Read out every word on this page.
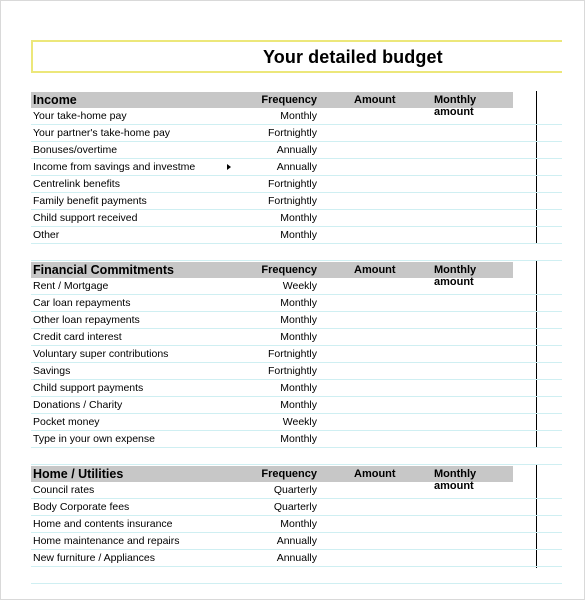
Your detailed budget
Income	Frequency	Amount	Monthly amount
Your take-home pay	Monthly
Your partner's take-home pay	Fortnightly
Bonuses/overtime	Annually
Income from savings and investme	Annually
Centrelink benefits	Fortnightly
Family benefit payments	Fortnightly
Child support received	Monthly
Other	Monthly
Financial Commitments	Frequency	Amount	Monthly amount
Rent / Mortgage	Weekly
Car loan repayments	Monthly
Other loan repayments	Monthly
Credit card interest	Monthly
Voluntary super contributions	Fortnightly
Savings	Fortnightly
Child support payments	Monthly
Donations / Charity	Monthly
Pocket money	Weekly
Type in your own expense	Monthly
Home / Utilities	Frequency	Amount	Monthly amount
Council rates	Quarterly
Body Corporate fees	Quarterly
Home and contents insurance	Monthly
Home maintenance and repairs	Annually
New furniture / Appliances	Annually
